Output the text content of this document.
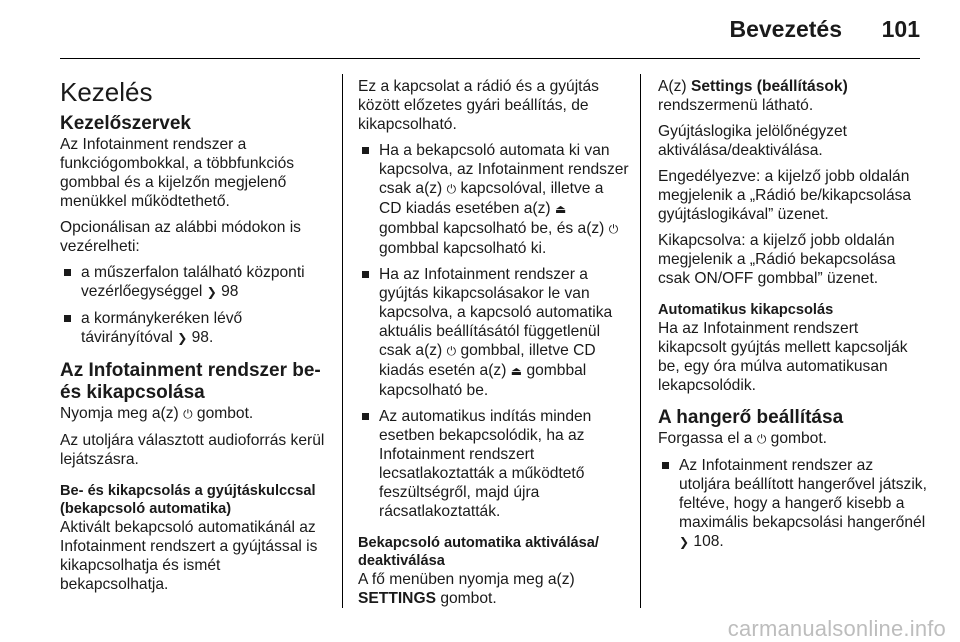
Bevezetés 101
Kezelés
Kezelőszervek

Az Infotainment rendszer a funkciógombokkal, a többfunkciós gombbal és a kijelzőn megjelenő menükkel működtethető.

Opcionálisan az alábbi módokon is vezérelheti:

a műszerfalon található központi vezérlőegységgel ❯ 98
a kormánykeréken lévő távirányítóval ❯ 98.
Az Infotainment rendszer be- és kikapcsolása

Nyomja meg a(z) ⏻ gombot.

Az utoljára választott audioforrás kerül lejátszásra.

Be- és kikapcsolás a gyújtáskulccsal (bekapcsoló automatika)

Aktivált bekapcsoló automatikánál az Infotainment rendszert a gyújtással is kikapcsolhatja és ismét bekapcsolhatja.

Ez a kapcsolat a rádió és a gyújtás között előzetes gyári beállítás, de kikapcsolható.

Ha a bekapcsoló automata ki van kapcsolva, az Infotainment rendszer csak a(z) ⏻ kapcsolóval, illetve a CD kiadás esetében a(z) ⏏ gombbal kapcsolható be, és a(z) ⏻ gombbal kapcsolható ki.
Ha az Infotainment rendszer a gyújtás kikapcsolásakor le van kapcsolva, a kapcsoló automatika aktuális beállításától függetlenül csak a(z) ⏻ gombbal, illetve CD kiadás esetén a(z) ⏏ gombbal kapcsolható be.
Az automatikus indítás minden esetben bekapcsolódik, ha az Infotainment rendszert lecsatlakoztatták a működtető feszültségről, majd újra rácsatlakoztatták.
Bekapcsoló automatika aktiválása/ deaktiválása

A fő menüben nyomja meg a(z) SETTINGS gombot.

A(z) Settings (beállítások) rendszermenü látható.

Gyújtáslogika jelölőnégyzet aktiválása/deaktiválása.

Engedélyezve: a kijelző jobb oldalán megjelenik a „Rádió be/kikapcsolása gyújtáslogikával” üzenet.

Kikapcsolva: a kijelző jobb oldalán megjelenik a „Rádió bekapcsolása csak ON/OFF gombbal” üzenet.

Automatikus kikapcsolás

Ha az Infotainment rendszert kikapcsolt gyújtás mellett kapcsolják be, egy óra múlva automatikusan lekapcsolódik.

A hangerő beállítása

Forgassa el a ⏻ gombot.

Az Infotainment rendszer az utoljára beállított hangerővel játszik, feltéve, hogy a hangerő kisebb a maximális bekapcsolási hangerőnél ❯ 108.
carmanualsonline.info
